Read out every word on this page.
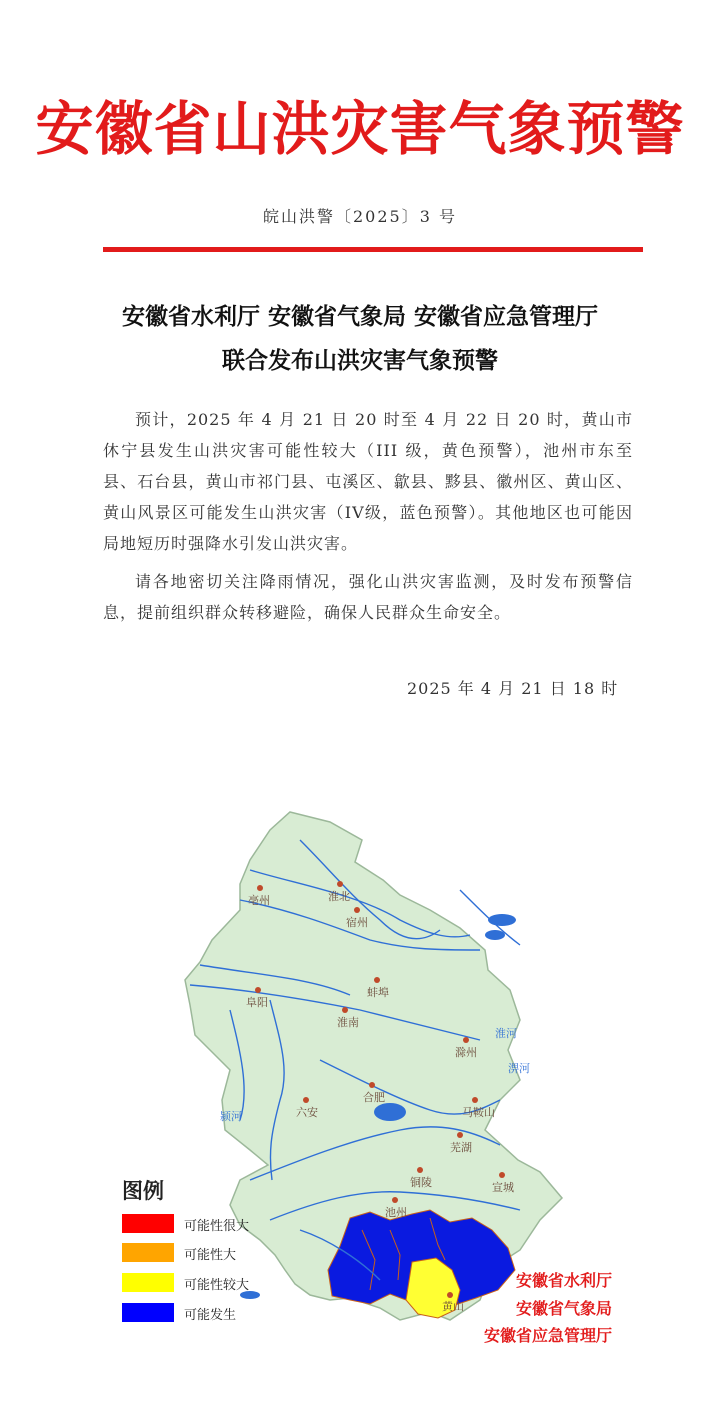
安徽省山洪灾害气象预警
皖山洪警〔2025〕3 号
安徽省水利厅 安徽省气象局 安徽省应急管理厅
联合发布山洪灾害气象预警
预计，2025 年 4 月 21 日 20 时至 4 月 22 日 20 时，黄山市休宁县发生山洪灾害可能性较大（III 级，黄色预警），池州市东至县、石台县，黄山市祁门县、屯溪区、歙县、黟县、徽州区、黄山区、黄山风景区可能发生山洪灾害（IV级，蓝色预警）。其他地区也可能因局地短历时强降水引发山洪灾害。
请各地密切关注降雨情况，强化山洪灾害监测，及时发布预警信息，提前组织群众转移避险，确保人民群众生命安全。
2025 年 4 月 21 日 18 时
亳州	淮北
宿州
蚌埠
阜阳
淮南
滁州
六安
合肥
马鞍山
芜湖
铜陵	宣城
池州
黄山
淮河
颍河
淠河
图例
可能性很大
可能性大
可能性较大
可能发生
安徽省水利厅
安徽省气象局
安徽省应急管理厅
